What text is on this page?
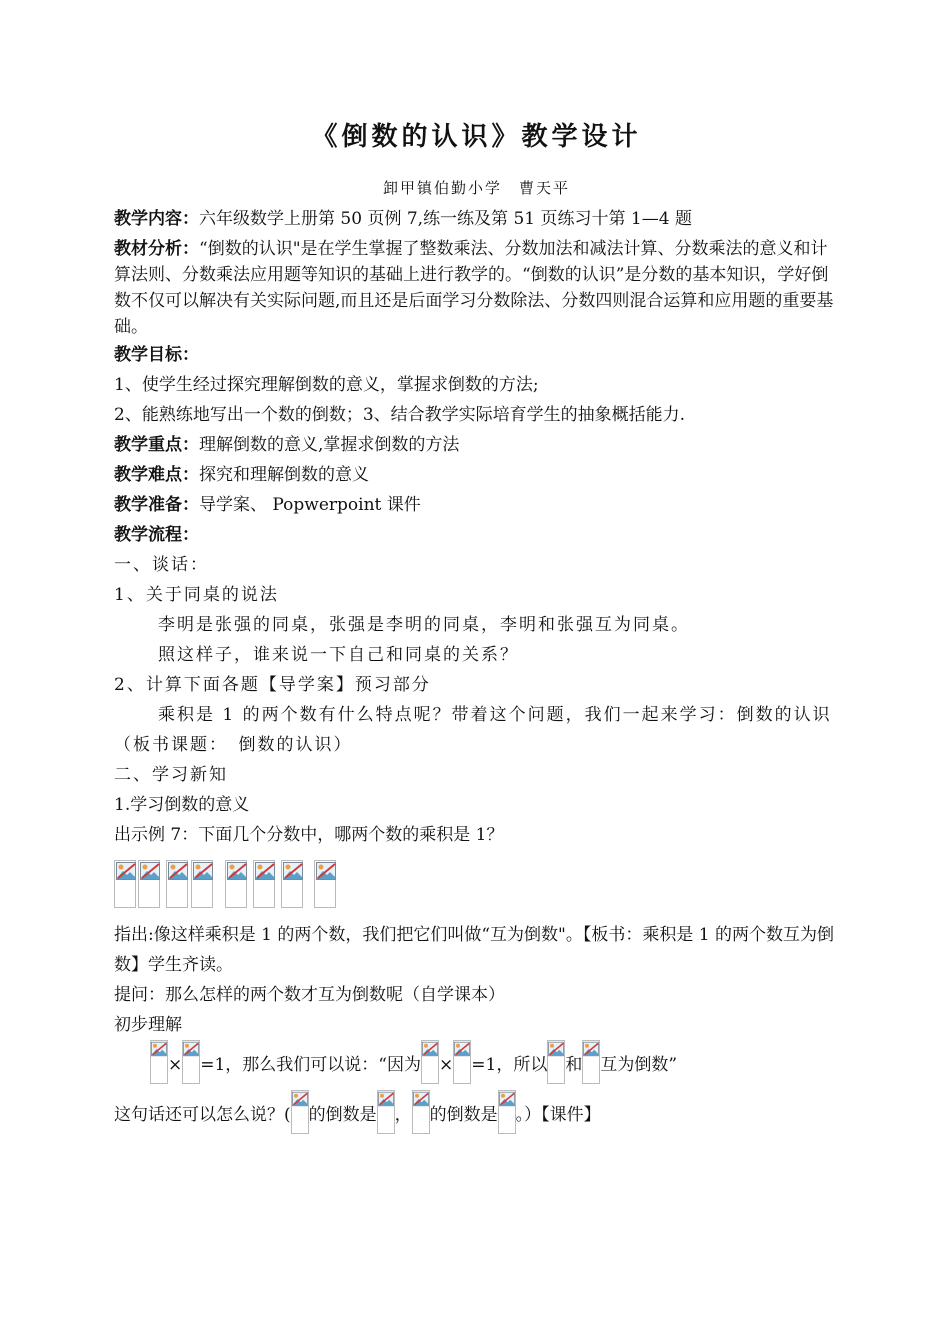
《倒数的认识》教学设计
卸甲镇伯勤小学　曹天平

教学内容：六年级数学上册第 50 页例 7,练一练及第 51 页练习十第 1—4 题

教材分析：“倒数的认识"是在学生掌握了整数乘法、分数加法和减法计算、分数乘法的意义和计算法则、分数乘法应用题等知识的基础上进行教学的。“倒数的认识”是分数的基本知识，学好倒数不仅可以解决有关实际问题,而且还是后面学习分数除法、分数四则混合运算和应用题的重要基础。

教学目标：

1、使学生经过探究理解倒数的意义，掌握求倒数的方法;

2、能熟练地写出一个数的倒数；3、结合教学实际培育学生的抽象概括能力.

教学重点：理解倒数的意义,掌握求倒数的方法

教学难点：探究和理解倒数的意义

教学准备：导学案、 Popwerpoint 课件

教学流程：

一、谈话：

1、关于同桌的说法

李明是张强的同桌，张强是李明的同桌，李明和张强互为同桌。

照这样子，谁来说一下自己和同桌的关系？

2、计算下面各题【导学案】预习部分

乘积是 1 的两个数有什么特点呢？带着这个问题，我们一起来学习：倒数的认识（板书课题：　倒数的认识）

二、学习新知

1.学习倒数的意义

出示例 7：下面几个分数中，哪两个数的乘积是 1？

指出:像这样乘积是 1 的两个数，我们把它们叫做“互为倒数"。【板书：乘积是 1 的两个数互为倒数】学生齐读。

提问：那么怎样的两个数才互为倒数呢（自学课本）

初步理解

× =1，那么我们可以说：“因为 × =1，所以 和 互为倒数”

这句话还可以怎么说？( 的倒数是 ， 的倒数是 。）【课件】
